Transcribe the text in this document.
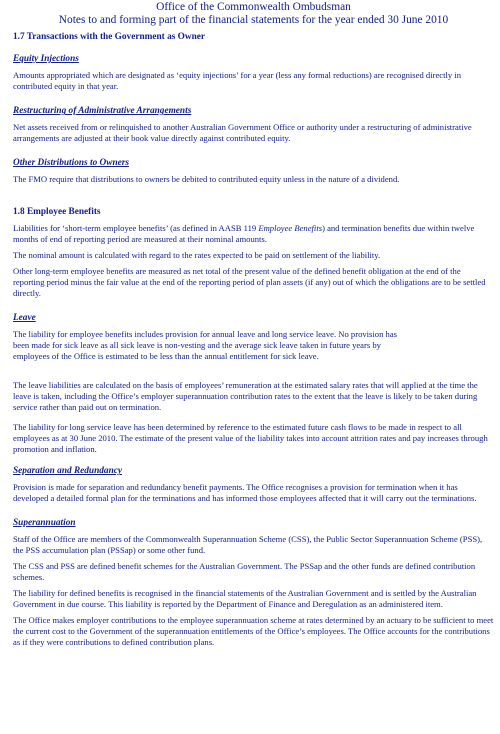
Office of the Commonwealth Ombudsman
Notes to and forming part of the financial statements for the year ended 30 June 2010
1.7 Transactions with the Government as Owner
Equity Injections

Amounts appropriated which are designated as ‘equity injections’ for a year (less any formal reductions) are recognised directly in contributed equity in that year.

Restructuring of Administrative Arrangements

Net assets received from or relinquished to another Australian Government Office or authority under a restructuring of administrative arrangements are adjusted at their book value directly against contributed equity.

Other Distributions to Owners

The FMO require that distributions to owners be debited to contributed equity unless in the nature of a dividend.

1.8 Employee Benefits

Liabilities for ‘short-term employee benefits’ (as defined in AASB 119 Employee Benefits) and termination benefits due within twelve months of end of reporting period are measured at their nominal amounts.

The nominal amount is calculated with regard to the rates expected to be paid on settlement of the liability.

Other long-term employee benefits are measured as net total of the present value of the defined benefit obligation at the end of the reporting period minus the fair value at the end of the reporting period of plan assets (if any) out of which the obligations are to be settled directly.

Leave

The liability for employee benefits includes provision for annual leave and long service leave. No provision has
been made for sick leave as all sick leave is non-vesting and the average sick leave taken in future years by
employees of the Office is estimated to be less than the annual entitlement for sick leave.

The leave liabilities are calculated on the basis of employees’ remuneration at the estimated salary rates that will applied at the time the leave is taken, including the Office’s employer superannuation contribution rates to the extent that the leave is likely to be taken during service rather than paid out on termination.

The liability for long service leave has been determined by reference to the estimated future cash flows to be made in respect to all employees as at 30 June 2010. The estimate of the present value of the liability takes into account attrition rates and pay increases through promotion and inflation.

Separation and Redundancy

Provision is made for separation and redundancy benefit payments. The Office recognises a provision for termination when it has developed a detailed formal plan for the terminations and has informed those employees affected that it will carry out the terminations.

Superannuation

Staff of the Office are members of the Commonwealth Superannuation Scheme (CSS), the Public Sector Superannuation Scheme (PSS), the PSS accumulation plan (PSSap) or some other fund.

The CSS and PSS are defined benefit schemes for the Australian Government. The PSSap and the other funds are defined contribution schemes.

The liability for defined benefits is recognised in the financial statements of the Australian Government and is settled by the Australian Government in due course. This liability is reported by the Department of Finance and Deregulation as an administered item.

The Office makes employer contributions to the employee superannuation scheme at rates determined by an actuary to be sufficient to meet the current cost to the Government of the superannuation entitlements of the Office’s employees. The Office accounts for the contributions as if they were contributions to defined contribution plans.
